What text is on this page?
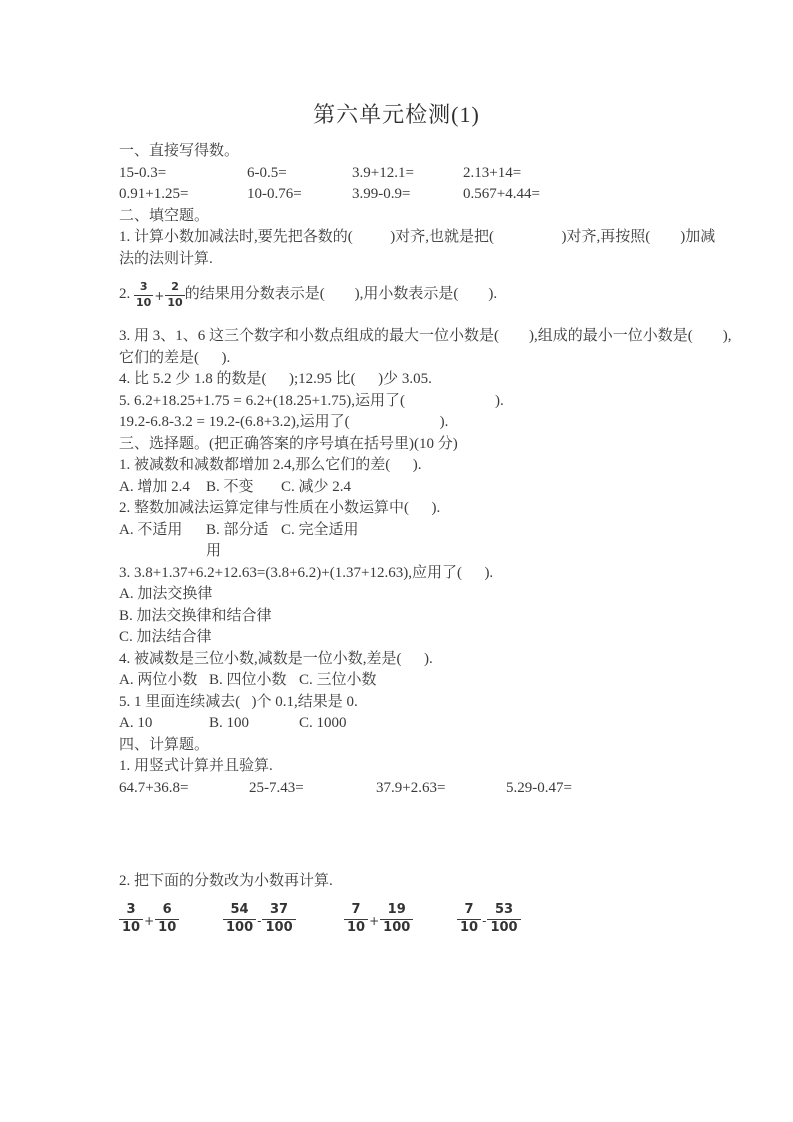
第六单元检测(1)
一、直接写得数。
15-0.3=	6-0.5=	3.9+12.1=	2.13+14=
0.91+1.25=	10-0.76=	3.99-0.9=	0.567+4.44=
二、填空题。
1. 计算小数加减法时,要先把各数的(          )对齐,也就是把(                  )对齐,再按照(        )加减
法的法则计算.
2. $\frac{3}{10} + \frac{2}{10}$ 的结果用分数表示是(        ),用小数表示是(        ).
3. 用 3、1、6 这三个数字和小数点组成的最大一位小数是(        ),组成的最小一位小数是(        ),
它们的差是(      ).
4. 比 5.2 少 1.8 的数是(      );12.95 比(      )少 3.05.
5. 6.2+18.25+1.75 = 6.2+(18.25+1.75),运用了(                        ).
19.2-6.8-3.2 = 19.2-(6.8+3.2),运用了(                        ).
三、选择题。(把正确答案的序号填在括号里)(10 分)
1. 被减数和减数都增加 2.4,那么它们的差(      ).
A. 增加 2.4	B. 不变	C. 减少 2.4
2. 整数加减法运算定律与性质在小数运算中(      ).
A. 不适用	B. 部分适用
C. 完全适用
3. 3.8+1.37+6.2+12.63=(3.8+6.2)+(1.37+12.63),应用了(      ).
A. 加法交换律
B. 加法交换律和结合律
C. 加法结合律
4. 被减数是三位小数,减数是一位小数,差是(      ).
A. 两位小数 B. 四位小数 C. 三位小数
5. 1 里面连续减去(   )个 0.1,结果是 0.
A. 10	B. 100	C. 1000
四、计算题。
1. 用竖式计算并且验算.
64.7+36.8=	25-7.43=	37.9+2.63=	5.29-0.47=
2. 把下面的分数改为小数再计算.
$\frac{3}{10} + \frac{6}{10}$	$\frac{54}{100} - \frac{37}{100}$	$\frac{7}{10} + \frac{19}{100}$	$\frac{7}{10} - \frac{53}{100}$
